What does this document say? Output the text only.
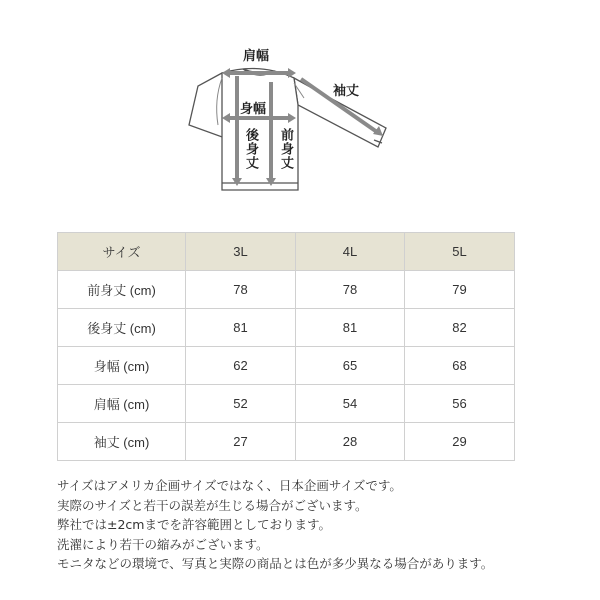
肩幅
身幅
袖丈
後身丈 前身丈
サイズ	3L	4L	5L
前身丈 (cm)	78	78	79
後身丈 (cm)	81	81	82
身幅 (cm)	62	65	68
肩幅 (cm)	52	54	56
袖丈 (cm)	27	28	29

サイズはアメリカ企画サイズではなく、日本企画サイズです。

実際のサイズと若干の誤差が生じる場合がございます。

弊社では±2cmまでを許容範囲としております。

洗濯により若干の縮みがございます。

モニタなどの環境で、写真と実際の商品とは色が多少異なる場合があります。
